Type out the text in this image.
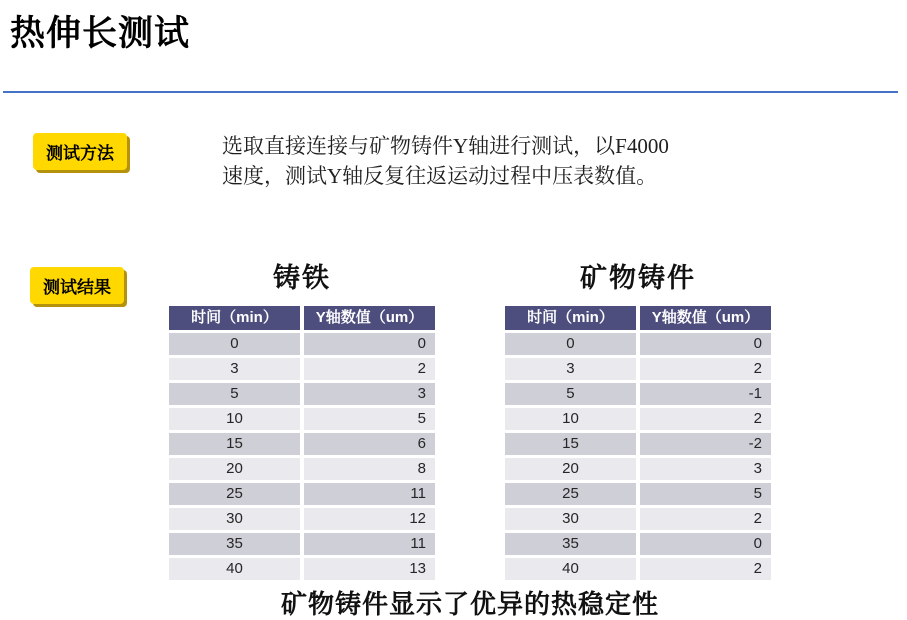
热伸长测试
测试方法	选取直接连接与矿物铸件Y轴进行测试，以F4000
速度，测试Y轴反复往返运动过程中压表数值。
测试结果	铸铁
时间（min）	Y轴数值（um）
0	0
3	2
5	3
10	5
15	6
20	8
25	11
30	12
35	11
40	13
矿物铸件
时间（min）	Y轴数值（um）
0	0
3	2
5	-1
10	2
15	-2
20	3
25	5
30	2
35	0
40	2
矿物铸件显示了优异的热稳定性
